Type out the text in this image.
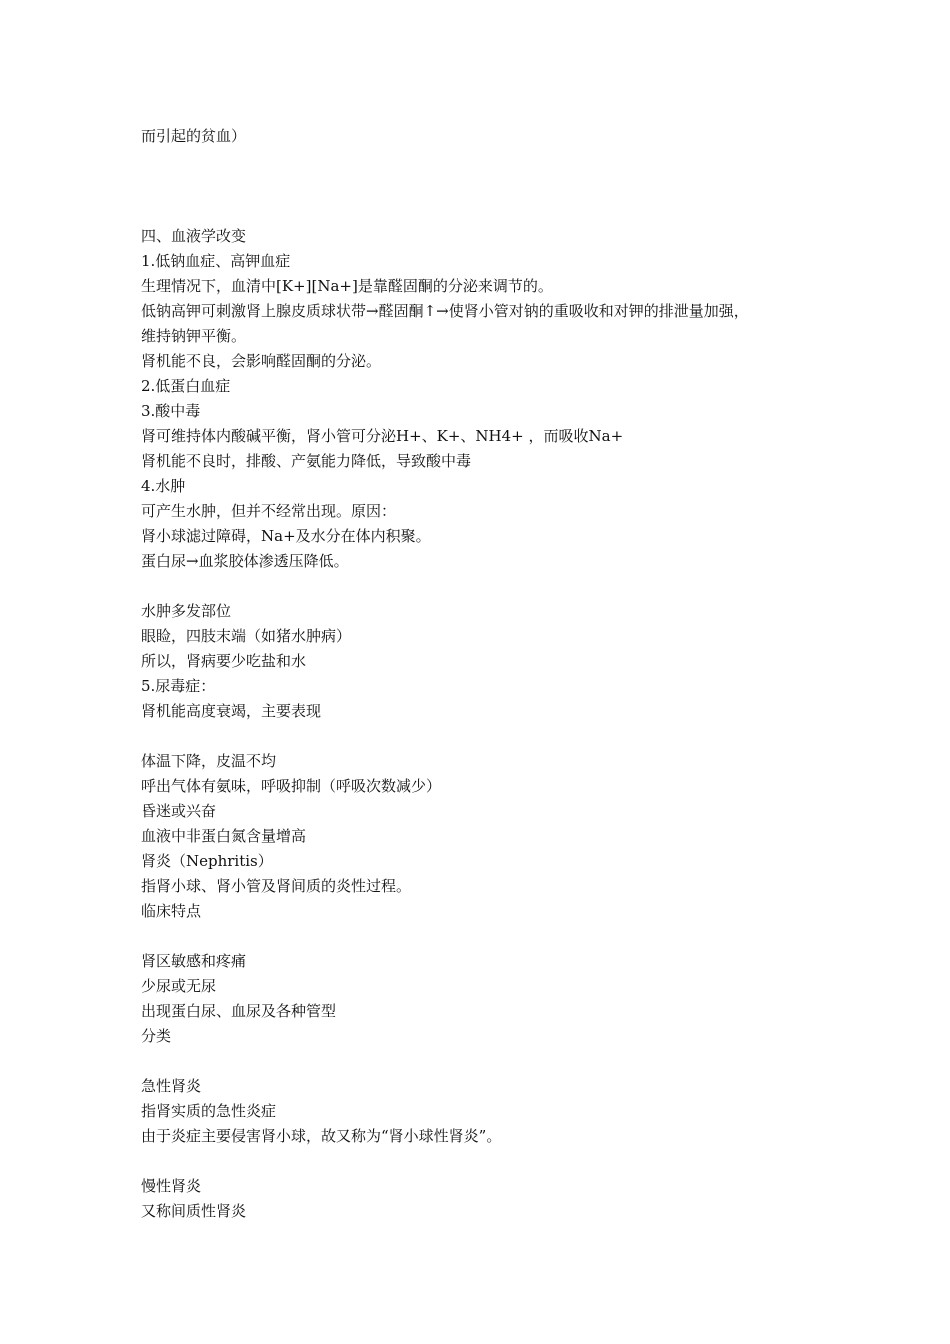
而引起的贫血）
四、血液学改变
1.低钠血症、高钾血症
生理情况下，血清中[K+][Na+]是靠醛固酮的分泌来调节的。
低钠高钾可刺激肾上腺皮质球状带→醛固酮↑→使肾小管对钠的重吸收和对钾的排泄量加强，
维持钠钾平衡。
肾机能不良，会影响醛固酮的分泌。
2.低蛋白血症
3.酸中毒
肾可维持体内酸碱平衡，肾小管可分泌H+、K+、NH4+ ，而吸收Na+
肾机能不良时，排酸、产氨能力降低，导致酸中毒
4.水肿
可产生水肿，但并不经常出现。原因：
肾小球滤过障碍，Na+及水分在体内积聚。
蛋白尿→血浆胶体渗透压降低。
水肿多发部位
眼睑，四肢末端（如猪水肿病）
所以，肾病要少吃盐和水
5.尿毒症：
肾机能高度衰竭，主要表现
体温下降，皮温不均
呼出气体有氨味，呼吸抑制（呼吸次数减少）
昏迷或兴奋
血液中非蛋白氮含量增高
肾炎（Nephritis）
指肾小球、肾小管及肾间质的炎性过程。
临床特点
肾区敏感和疼痛
少尿或无尿
出现蛋白尿、血尿及各种管型
分类
急性肾炎
指肾实质的急性炎症
由于炎症主要侵害肾小球，故又称为“肾小球性肾炎”。
慢性肾炎
又称间质性肾炎
